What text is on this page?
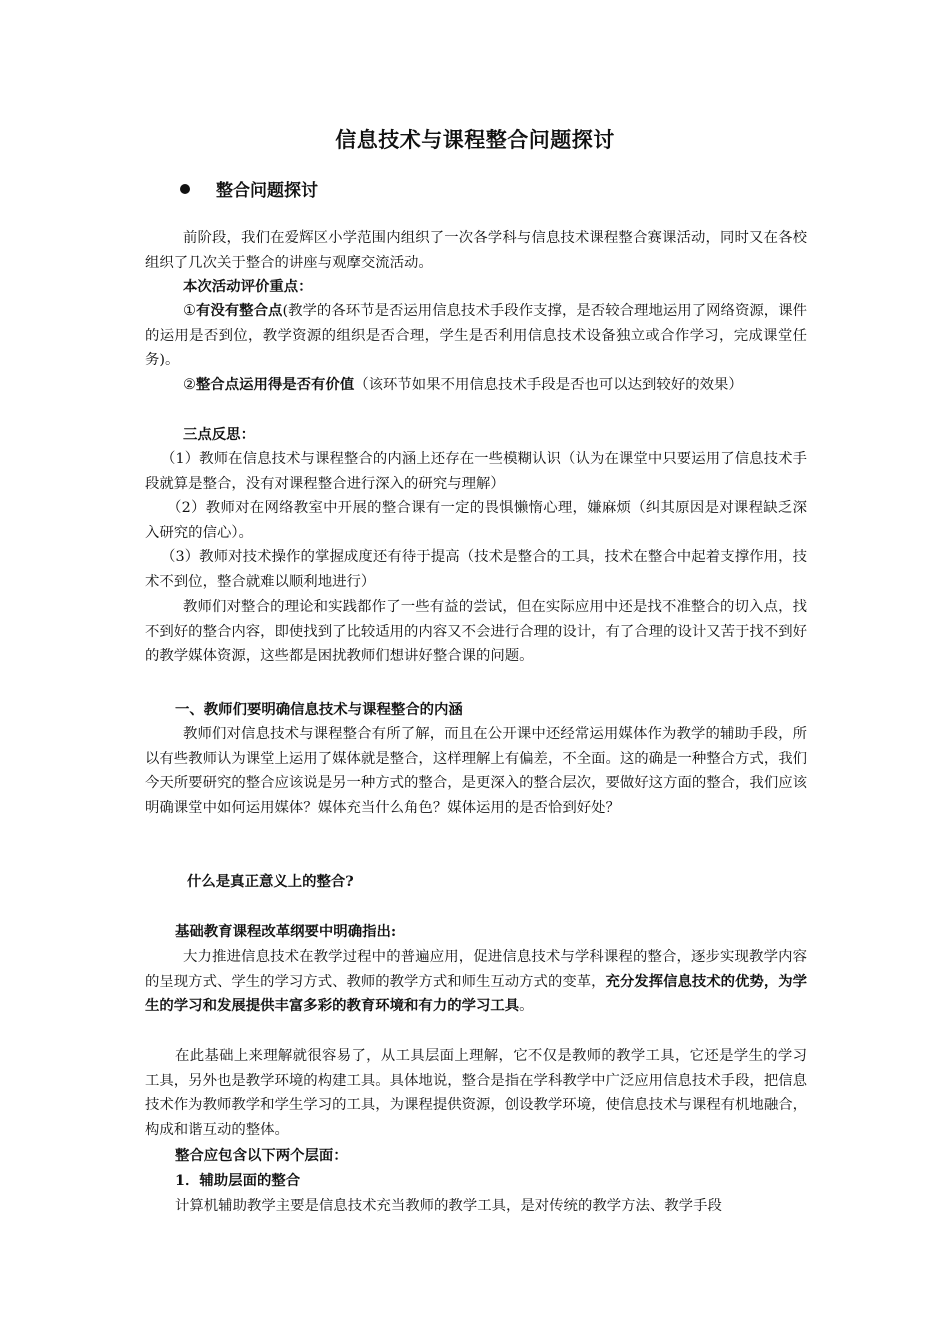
信息技术与课程整合问题探讨
整合问题探讨

前阶段，我们在爱辉区小学范围内组织了一次各学科与信息技术课程整合赛课活动，同时又在各校组织了几次关于整合的讲座与观摩交流活动。

本次活动评价重点：

①有没有整合点(教学的各环节是否运用信息技术手段作支撑，是否较合理地运用了网络资源，课件的运用是否到位，教学资源的组织是否合理，学生是否利用信息技术设备独立或合作学习，完成课堂任务)。

②整合点运用得是否有价值（该环节如果不用信息技术手段是否也可以达到较好的效果）

三点反思：

（1）教师在信息技术与课程整合的内涵上还存在一些模糊认识（认为在课堂中只要运用了信息技术手段就算是整合，没有对课程整合进行深入的研究与理解）

（2）教师对在网络教室中开展的整合课有一定的畏惧懒惰心理，嫌麻烦（纠其原因是对课程缺乏深入研究的信心）。

（3）教师对技术操作的掌握成度还有待于提高（技术是整合的工具，技术在整合中起着支撑作用，技术不到位，整合就难以顺利地进行）

教师们对整合的理论和实践都作了一些有益的尝试，但在实际应用中还是找不准整合的切入点，找不到好的整合内容，即使找到了比较适用的内容又不会进行合理的设计，有了合理的设计又苦于找不到好的教学媒体资源，这些都是困扰教师们想讲好整合课的问题。

一、教师们要明确信息技术与课程整合的内涵

教师们对信息技术与课程整合有所了解，而且在公开课中还经常运用媒体作为教学的辅助手段，所以有些教师认为课堂上运用了媒体就是整合，这样理解上有偏差，不全面。这的确是一种整合方式，我们今天所要研究的整合应该说是另一种方式的整合，是更深入的整合层次，要做好这方面的整合，我们应该明确课堂中如何运用媒体？媒体充当什么角色？媒体运用的是否恰到好处？

什么是真正意义上的整合?

基础教育课程改革纲要中明确指出:

大力推进信息技术在教学过程中的普遍应用，促进信息技术与学科课程的整合，逐步实现教学内容的呈现方式、学生的学习方式、教师的教学方式和师生互动方式的变革，充分发挥信息技术的优势，为学生的学习和发展提供丰富多彩的教育环境和有力的学习工具。

在此基础上来理解就很容易了，从工具层面上理解，它不仅是教师的教学工具，它还是学生的学习工具，另外也是教学环境的构建工具。具体地说，整合是指在学科教学中广泛应用信息技术手段，把信息技术作为教师教学和学生学习的工具，为课程提供资源，创设教学环境，使信息技术与课程有机地融合，构成和谐互动的整体。

整合应包含以下两个层面：

1．辅助层面的整合

计算机辅助教学主要是信息技术充当教师的教学工具，是对传统的教学方法、教学手段
